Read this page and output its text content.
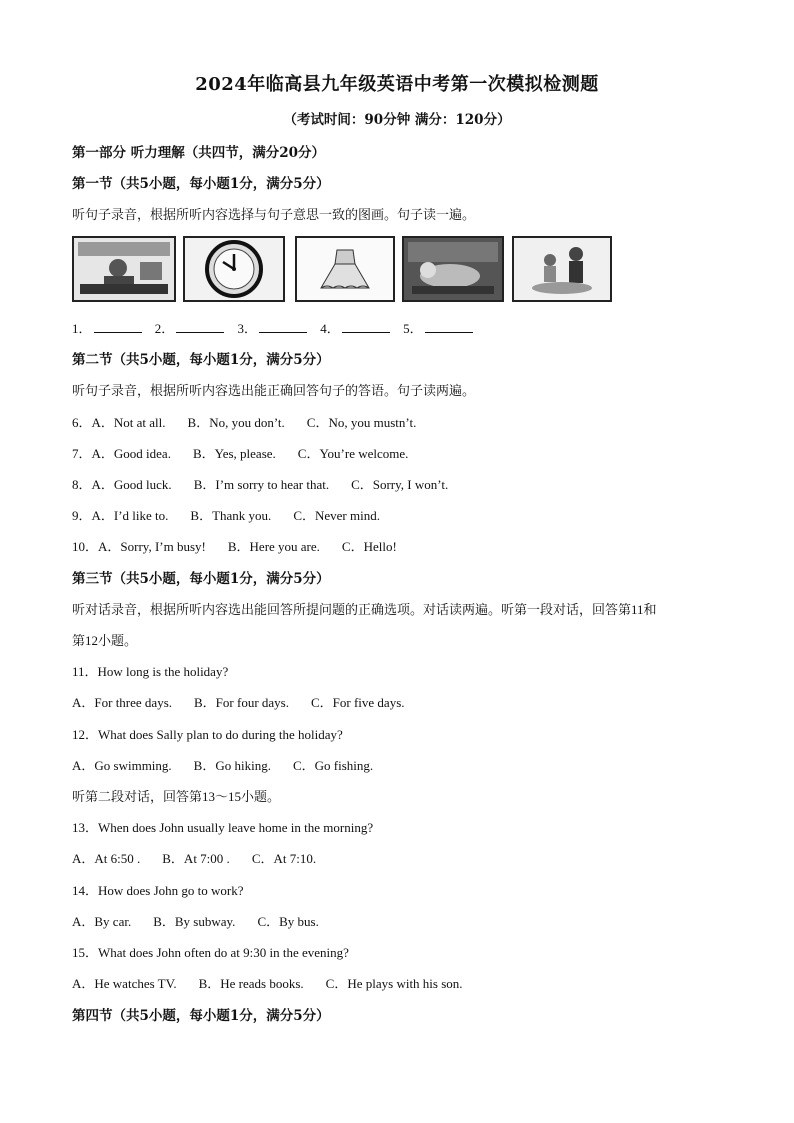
2024年临高县九年级英语中考第一次模拟检测题
（考试时间：90分钟 满分：120分）
第一部分 听力理解（共四节，满分20分）
第一节（共5小题，每小题1分，满分5分）
听句子录音，根据所听内容选择与句子意思一致的图画。句子读一遍。
1．	2．	3．	4．	5．
第二节（共5小题，每小题1分，满分5分）
听句子录音，根据所听内容选出能正确回答句子的答语。句子读两遍。
6．A．Not at all. B．No, you don’t. C．No, you mustn’t.
7．A．Good idea. B．Yes, please. C．You’re welcome.
8．A．Good luck. B．I’m sorry to hear that. C．Sorry, I won’t.
9．A．I’d like to. B．Thank you. C．Never mind.
10．A．Sorry, I’m busy! B．Here you are. C．Hello!
第三节（共5小题，每小题1分，满分5分）
听对话录音，根据所听内容选出能回答所提问题的正确选项。对话读两遍。听第一段对话，回答第11和
第12小题。
11．How long is the holiday?
A．For three days. B．For four days. C．For five days.
12．What does Sally plan to do during the holiday?
A．Go swimming. B．Go hiking. C．Go fishing.
听第二段对话，回答第13～15小题。
13．When does John usually leave home in the morning?
A．At 6:50 . B．At 7:00 . C．At 7:10.
14．How does John go to work?
A．By car. B．By subway. C．By bus.
15．What does John often do at 9:30 in the evening?
A．He watches TV. B．He reads books. C．He plays with his son.
第四节（共5小题，每小题1分，满分5分）
